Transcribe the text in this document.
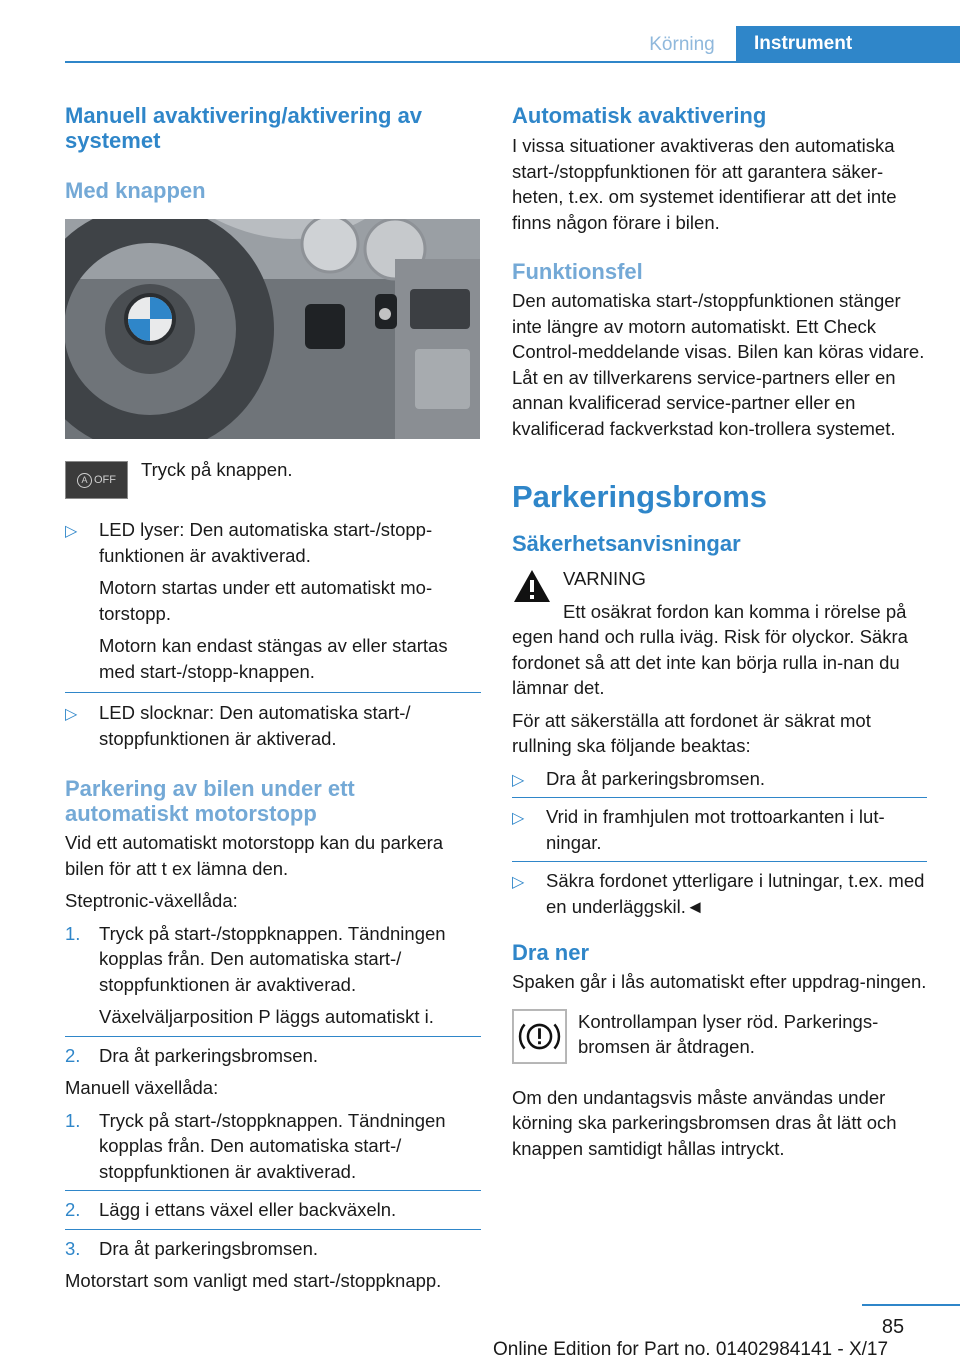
Körning	Instrument
Manuell avaktivering/aktivering av systemet
Med knappen
A OFF Tryck på knappen.

▷ LED lyser: Den automatiska start-/stopp-funktionen är avaktiverad.

Motorn startas under ett automatiskt mo-torstopp.

Motorn kan endast stängas av eller startas med start-/stopp-knappen.

▷ LED slocknar: Den automatiska start-/ stoppfunktionen är aktiverad.

Parkering av bilen under ett automatiskt motorstopp

Vid ett automatiskt motorstopp kan du parkera bilen för att t ex lämna den.

Steptronic-växellåda:

1. Tryck på start-/stoppknappen. Tändningen kopplas från. Den automatiska start-/ stoppfunktionen är avaktiverad.

Växelväljarposition P läggs automatiskt i.

2. Dra åt parkeringsbromsen.

Manuell växellåda:

1. Tryck på start-/stoppknappen. Tändningen kopplas från. Den automatiska start-/ stoppfunktionen är avaktiverad.

2. Lägg i ettans växel eller backväxeln.

3. Dra åt parkeringsbromsen.

Motorstart som vanligt med start-/stoppknapp.

Automatisk avaktivering

I vissa situationer avaktiveras den automatiska start-/stoppfunktionen för att garantera säker-heten, t.ex. om systemet identifierar att det inte finns någon förare i bilen.

Funktionsfel

Den automatiska start-/stoppfunktionen stänger inte längre av motorn automatiskt. Ett Check Control-meddelande visas. Bilen kan köras vidare. Låt en av tillverkarens service-partners eller en annan kvalificerad service-partner eller en kvalificerad fackverkstad kon-trollera systemet.

Parkeringsbroms
Säkerhetsanvisningar

VARNING

Ett osäkrat fordon kan komma i rörelse på egen hand och rulla iväg. Risk för olyckor. Säkra fordonet så att det inte kan börja rulla in-nan du lämnar det.

För att säkerställa att fordonet är säkrat mot rullning ska följande beaktas:

▷ Dra åt parkeringsbromsen.

▷ Vrid in framhjulen mot trottoarkanten i lut-ningar.

▷ Säkra fordonet ytterligare i lutningar, t.ex. med en underläggskil.◄

Dra ner

Spaken går i lås automatiskt efter uppdrag-ningen.

Kontrollampan lyser röd. Parkerings-bromsen är åtdragen.

Om den undantagsvis måste användas under körning ska parkeringsbromsen dras åt lätt och knappen samtidigt hållas intryckt.

85
Online Edition for Part no. 01402984141 - X/17
